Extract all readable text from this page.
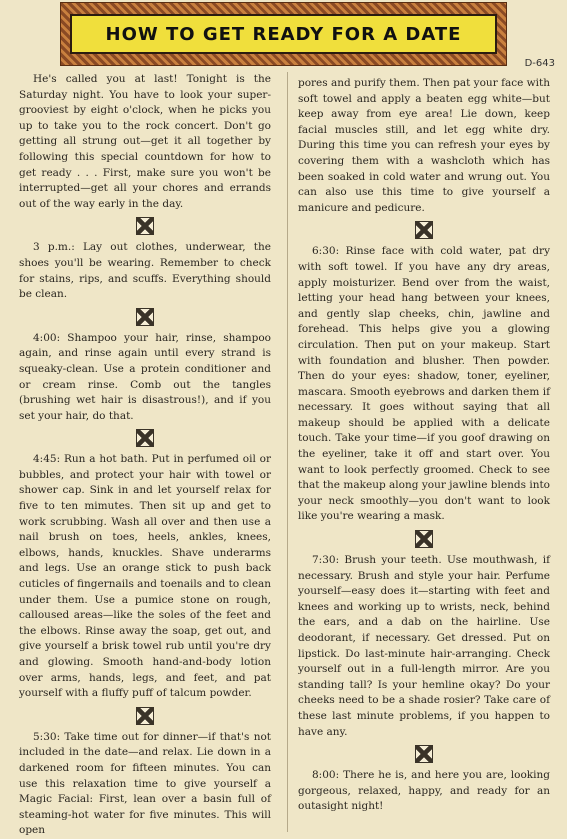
HOW TO GET READY FOR A DATE
D-643

He's called you at last! Tonight is the Saturday night. You have to look your super-grooviest by eight o'clock, when he picks you up to take you to the rock concert. Don't go getting all strung out—get it all together by following this special countdown for how to get ready . . . First, make sure you won't be interrupted—get all your chores and errands out of the way early in the day.

3 p.m.: Lay out clothes, underwear, the shoes you'll be wearing. Remember to check for stains, rips, and scuffs. Everything should be clean.

4:00: Shampoo your hair, rinse, shampoo again, and rinse again until every strand is squeaky-clean. Use a protein conditioner and or cream rinse. Comb out the tangles (brushing wet hair is disastrous!), and if you set your hair, do that.

4:45: Run a hot bath. Put in perfumed oil or bubbles, and protect your hair with towel or shower cap. Sink in and let yourself relax for five to ten mimutes. Then sit up and get to work scrubbing. Wash all over and then use a nail brush on toes, heels, ankles, knees, elbows, hands, knuckles. Shave underarms and legs. Use an orange stick to push back cuticles of fingernails and toenails and to clean under them. Use a pumice stone on rough, calloused areas—like the soles of the feet and the elbows. Rinse away the soap, get out, and give yourself a brisk towel rub until you're dry and glowing. Smooth hand-and-body lotion over arms, hands, legs, and feet, and pat yourself with a fluffy puff of talcum powder.

5:30: Take time out for dinner—if that's not included in the date—and relax. Lie down in a darkened room for fifteen minutes. You can use this relaxation time to give yourself a Magic Facial: First, lean over a basin full of steaming-hot water for five minutes. This will open

pores and purify them. Then pat your face with soft towel and apply a beaten egg white—but keep away from eye area! Lie down, keep facial muscles still, and let egg white dry. During this time you can refresh your eyes by covering them with a washcloth which has been soaked in cold water and wrung out. You can also use this time to give yourself a manicure and pedicure.

6:30: Rinse face with cold water, pat dry with soft towel. If you have any dry areas, apply moisturizer. Bend over from the waist, letting your head hang between your knees, and gently slap cheeks, chin, jawline and forehead. This helps give you a glowing circulation. Then put on your makeup. Start with foundation and blusher. Then powder. Then do your eyes: shadow, toner, eyeliner, mascara. Smooth eyebrows and darken them if necessary. It goes without saying that all makeup should be applied with a delicate touch. Take your time—if you goof drawing on the eyeliner, take it off and start over. You want to look perfectly groomed. Check to see that the makeup along your jawline blends into your neck smoothly—you don't want to look like you're wearing a mask.

7:30: Brush your teeth. Use mouthwash, if necessary. Brush and style your hair. Perfume yourself—easy does it—starting with feet and knees and working up to wrists, neck, behind the ears, and a dab on the hairline. Use deodorant, if necessary. Get dressed. Put on lipstick. Do last-minute hair-arranging. Check yourself out in a full-length mirror. Are you standing tall? Is your hemline okay? Do your cheeks need to be a shade rosier? Take care of these last minute problems, if you happen to have any.

8:00: There he is, and here you are, looking gorgeous, relaxed, happy, and ready for an outasight night!
